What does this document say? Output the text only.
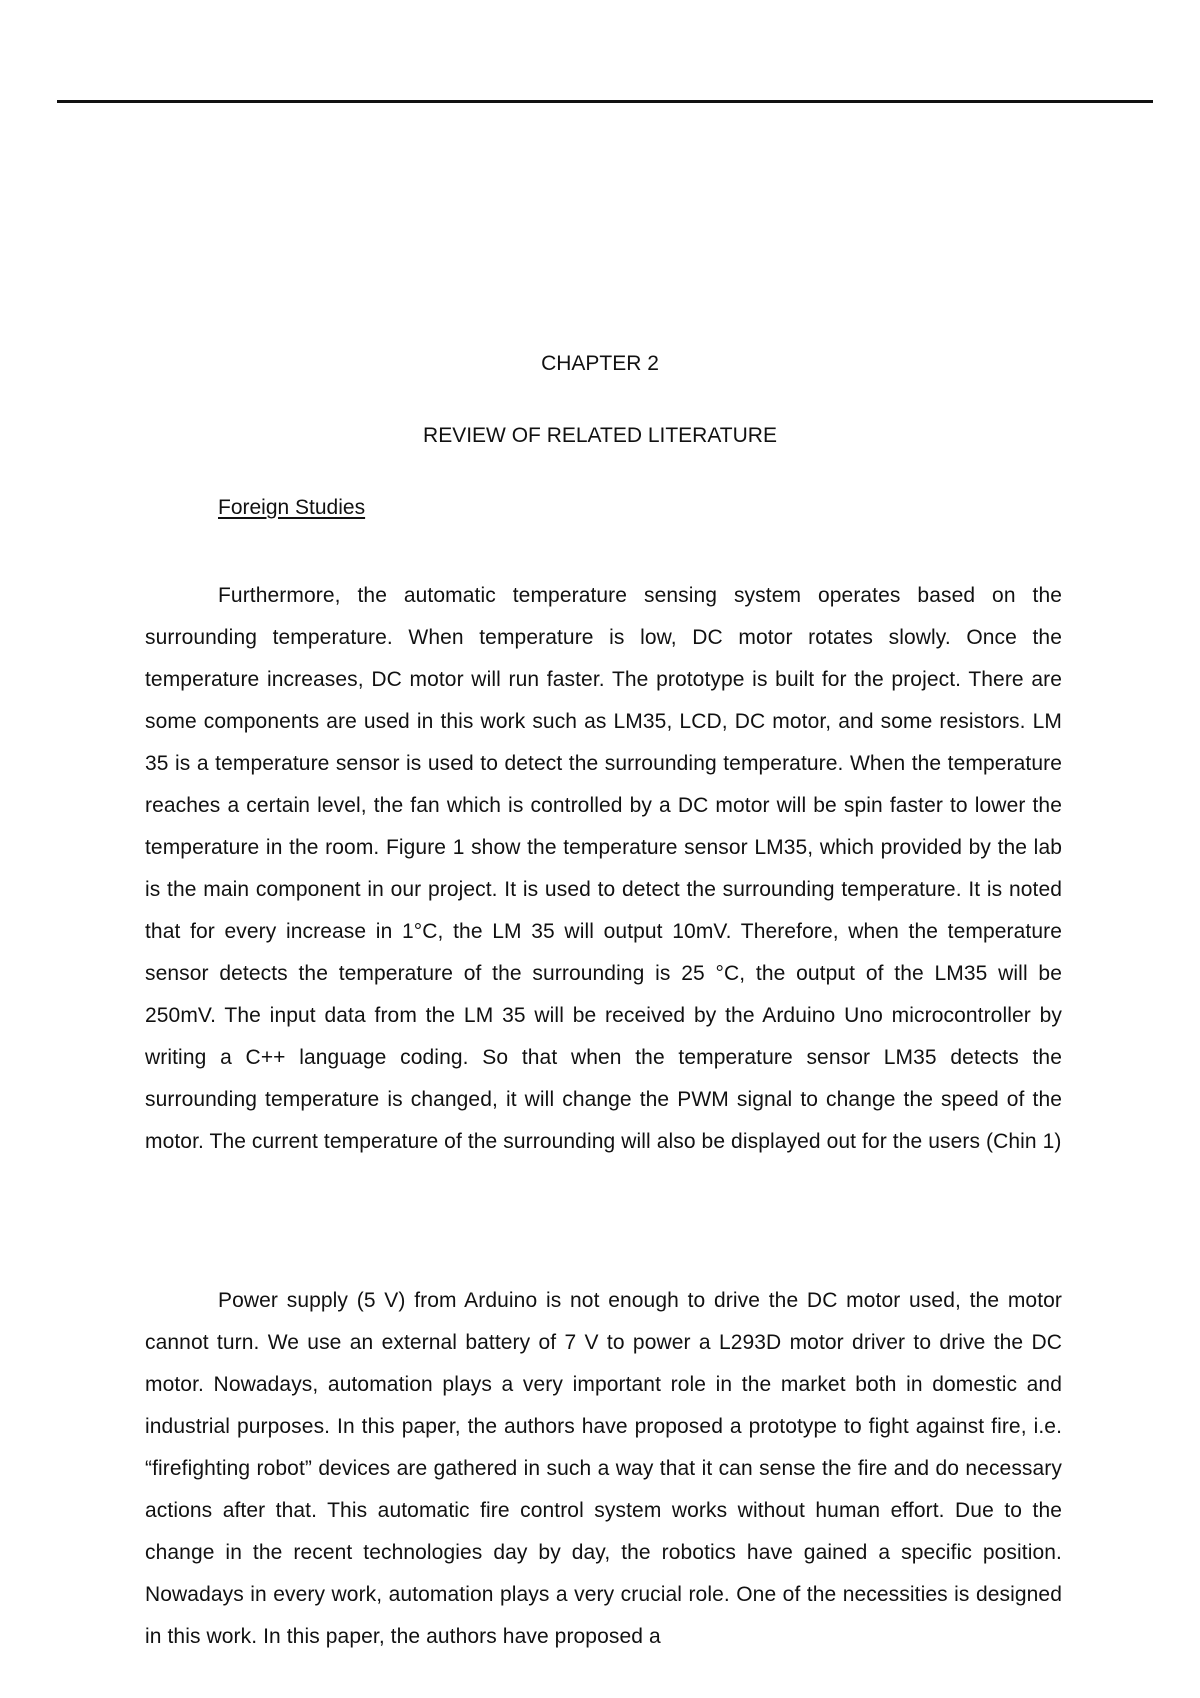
CHAPTER 2
REVIEW OF RELATED LITERATURE
Foreign Studies

Furthermore, the automatic temperature sensing system operates based on the surrounding temperature. When temperature is low, DC motor rotates slowly. Once the temperature increases, DC motor will run faster. The prototype is built for the project. There are some components are used in this work such as LM35, LCD, DC motor, and some resistors. LM 35 is a temperature sensor is used to detect the surrounding temperature. When the temperature reaches a certain level, the fan which is controlled by a DC motor will be spin faster to lower the temperature in the room. Figure 1 show the temperature sensor LM35, which provided by the lab is the main component in our project. It is used to detect the surrounding temperature. It is noted that for every increase in 1°C, the LM 35 will output 10mV. Therefore, when the temperature sensor detects the temperature of the surrounding is 25 °C, the output of the LM35 will be 250mV. The input data from the LM 35 will be received by the Arduino Uno microcontroller by writing a C++ language coding. So that when the temperature sensor LM35 detects the surrounding temperature is changed, it will change the PWM signal to change the speed of the motor. The current temperature of the surrounding will also be displayed out for the users (Chin 1)

Power supply (5 V) from Arduino is not enough to drive the DC motor used, the motor cannot turn. We use an external battery of 7 V to power a L293D motor driver to drive the DC motor. Nowadays, automation plays a very important role in the market both in domestic and industrial purposes. In this paper, the authors have proposed a prototype to fight against fire, i.e. “firefighting robot” devices are gathered in such a way that it can sense the fire and do necessary actions after that. This automatic fire control system works without human effort. Due to the change in the recent technologies day by day, the robotics have gained a specific position. Nowadays in every work, automation plays a very crucial role. One of the necessities is designed in this work. In this paper, the authors have proposed a
